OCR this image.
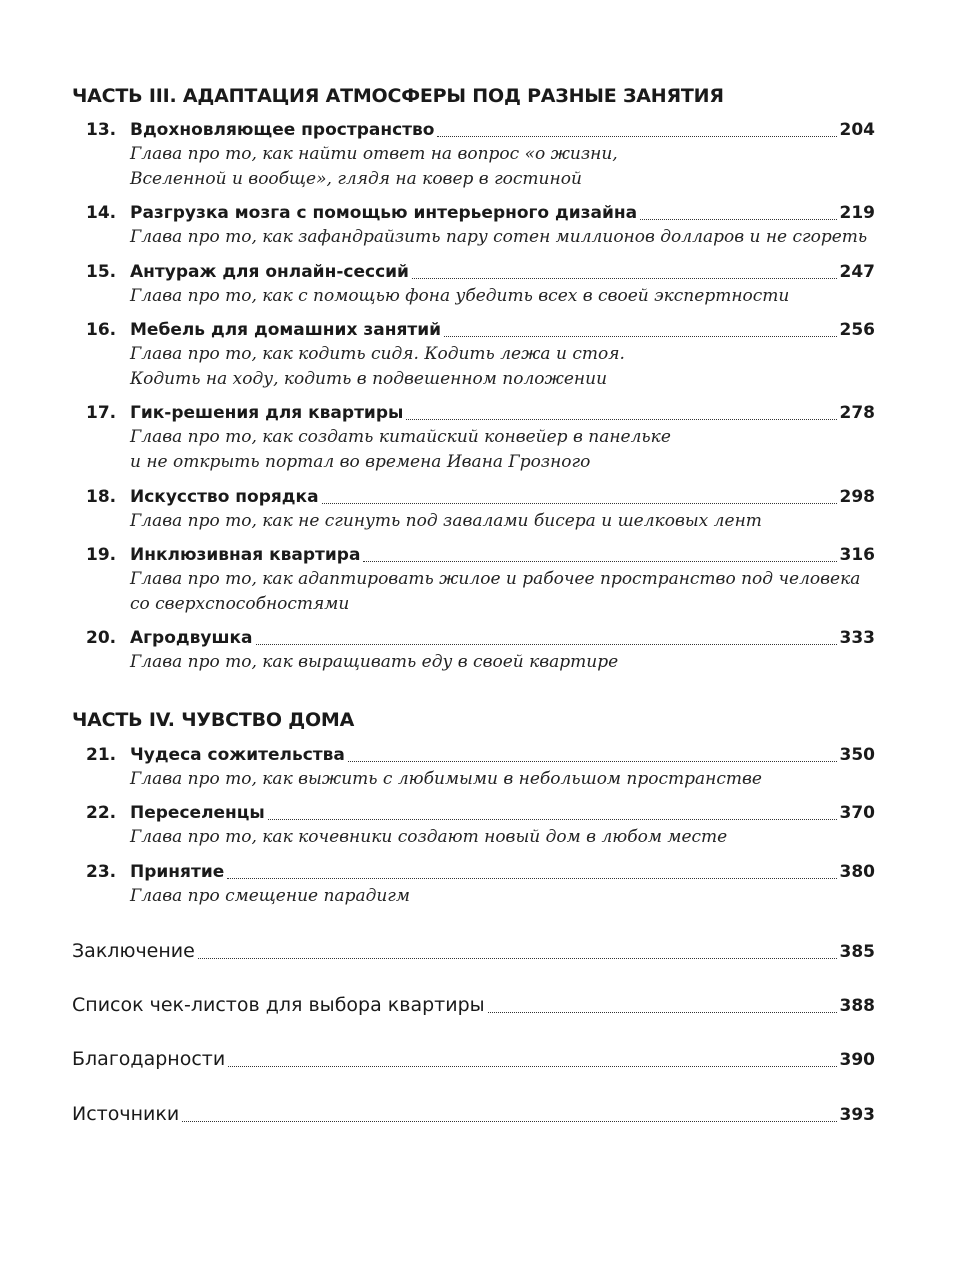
ЧАСТЬ III. АДАПТАЦИЯ АТМОСФЕРЫ ПОД РАЗНЫЕ ЗАНЯТИЯ
13. Вдохновляющее пространство	204
Глава про то, как найти ответ на вопрос «о жизни,
Вселенной и вообще», глядя на ковер в гостиной
14. Разгрузка мозга с помощью интерьерного дизайна	219
Глава про то, как зафандрайзить пару сотен миллионов долларов и не сгореть
15. Антураж для онлайн-сессий	247
Глава про то, как с помощью фона убедить всех в своей экспертности
16. Мебель для домашних занятий	256
Глава про то, как кодить сидя. Кодить лежа и стоя.
Кодить на ходу, кодить в подвешенном положении
17. Гик-решения для квартиры	278
Глава про то, как создать китайский конвейер в панельке
и не открыть портал во времена Ивана Грозного
18. Искусство порядка	298
Глава про то, как не сгинуть под завалами бисера и шелковых лент
19. Инклюзивная квартира	316
Глава про то, как адаптировать жилое и рабочее пространство под человека
со сверхспособностями
20. Агродвушка	333
Глава про то, как выращивать еду в своей квартире
ЧАСТЬ IV. ЧУВСТВО ДОМА
21. Чудеса сожительства	350
Глава про то, как выжить с любимыми в небольшом пространстве
22. Переселенцы	370
Глава про то, как кочевники создают новый дом в любом месте
23. Принятие	380
Глава про смещение парадигм
Заключение	385
Список чек-листов для выбора квартиры	388
Благодарности	390
Источники	393
